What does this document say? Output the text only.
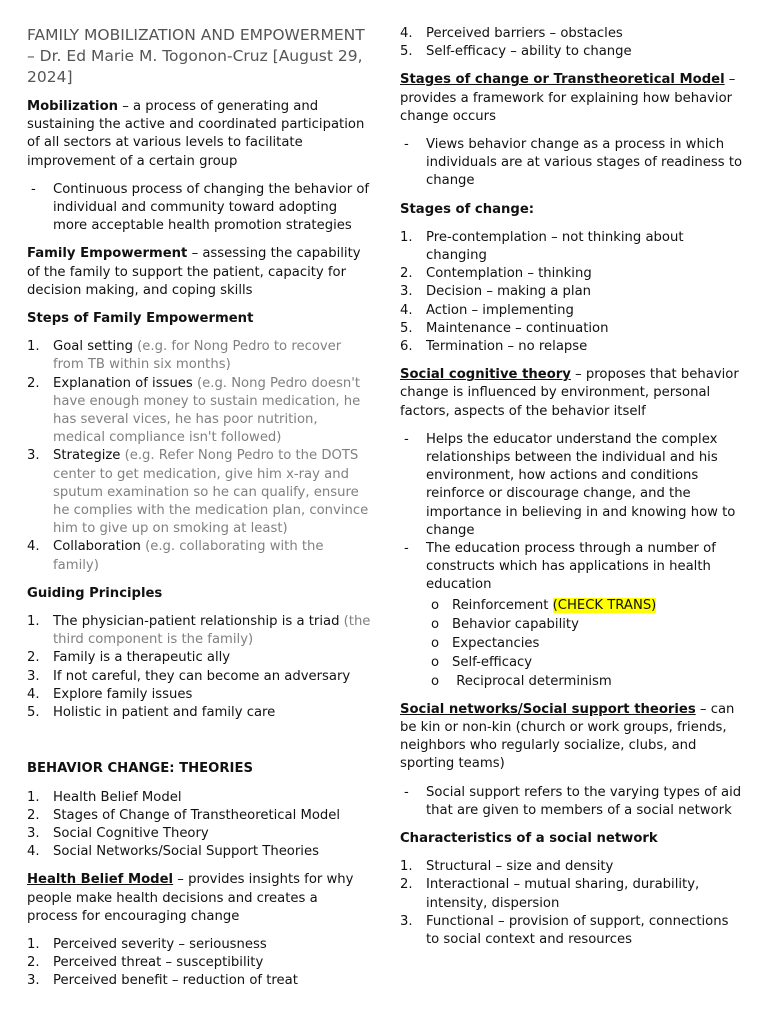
FAMILY MOBILIZATION AND EMPOWERMENT – Dr. Ed Marie M. Togonon-Cruz [August 29, 2024]

Mobilization – a process of generating and sustaining the active and coordinated participation of all sectors at various levels to facilitate improvement of a certain group

- Continuous process of changing the behavior of individual and community toward adopting more acceptable health promotion strategies

Family Empowerment – assessing the capability of the family to support the patient, capacity for decision making, and coping skills

Steps of Family Empowerment

1.	Goal setting (e.g. for Nong Pedro to recover from TB within six months)
2.	Explanation of issues (e.g. Nong Pedro doesn't have enough money to sustain medication, he has several vices, he has poor nutrition, medical compliance isn't followed)
3.	Strategize (e.g. Refer Nong Pedro to the DOTS center to get medication, give him x-ray and sputum examination so he can qualify, ensure he complies with the medication plan, convince him to give up on smoking at least)
4.	Collaboration (e.g. collaborating with the family)

Guiding Principles

1.	The physician-patient relationship is a triad (the third component is the family)
2.	Family is a therapeutic ally
3.	If not careful, they can become an adversary
4.	Explore family issues
5.	Holistic in patient and family care

BEHAVIOR CHANGE: THEORIES

1.	Health Belief Model
2.	Stages of Change of Transtheoretical Model
3.	Social Cognitive Theory
4.	Social Networks/Social Support Theories

Health Belief Model – provides insights for why people make health decisions and creates a process for encouraging change

1.	Perceived severity – seriousness
2.	Perceived threat – susceptibility
3.	Perceived benefit – reduction of treat
4.	Perceived barriers – obstacles
5.	Self-efficacy – ability to change

Stages of change or Transtheoretical Model – provides a framework for explaining how behavior change occurs

- Views behavior change as a process in which individuals are at various stages of readiness to change

Stages of change:

1.	Pre-contemplation – not thinking about changing
2.	Contemplation – thinking
3.	Decision – making a plan
4.	Action – implementing
5.	Maintenance – continuation
6.	Termination – no relapse

Social cognitive theory – proposes that behavior change is influenced by environment, personal factors, aspects of the behavior itself

- Helps the educator understand the complex relationships between the individual and his environment, how actions and conditions reinforce or discourage change, and the importance in believing in and knowing how to change
- The education process through a number of constructs which has applications in health education
o Reinforcement (CHECK TRANS)
o Behavior capability
o Expectancies
o Self-efficacy
o Reciprocal determinism

Social networks/Social support theories – can be kin or non-kin (church or work groups, friends, neighbors who regularly socialize, clubs, and sporting teams)

- Social support refers to the varying types of aid that are given to members of a social network

Characteristics of a social network

1.	Structural – size and density
2.	Interactional – mutual sharing, durability, intensity, dispersion
3.	Functional – provision of support, connections to social context and resources
